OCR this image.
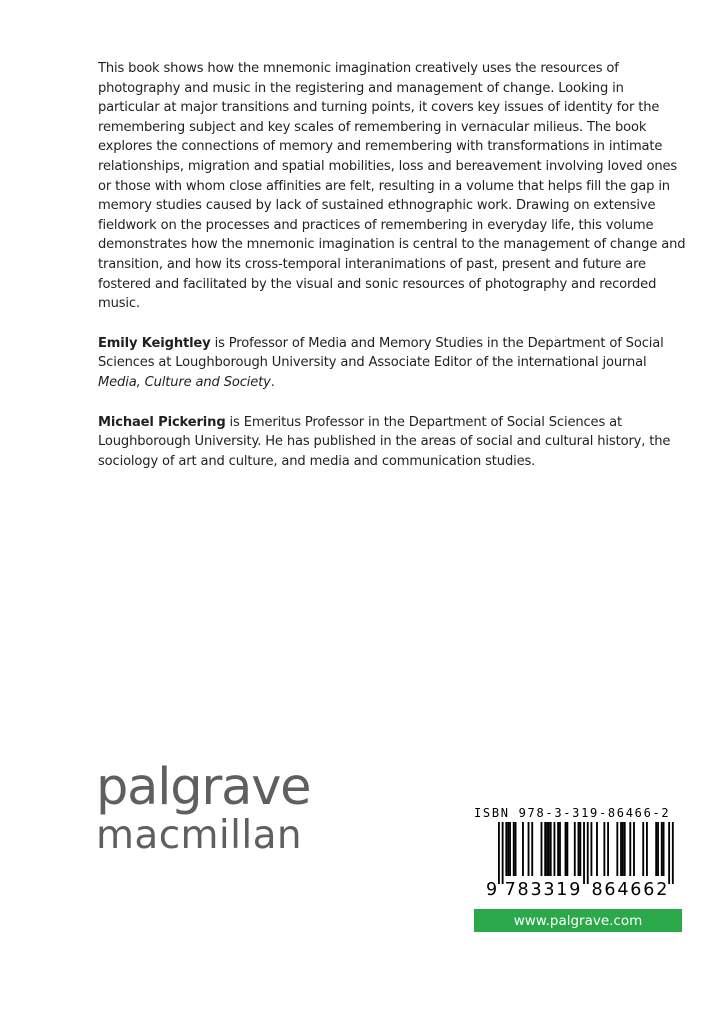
This book shows how the mnemonic imagination creatively uses the resources of photography and music in the registering and management of change. Looking in particular at major transitions and turning points, it covers key issues of identity for the remembering subject and key scales of remembering in vernacular milieus. The book explores the connections of memory and remembering with transformations in intimate relationships, migration and spatial mobilities, loss and bereavement involving loved ones or those with whom close affinities are felt, resulting in a volume that helps fill the gap in memory studies caused by lack of sustained ethnographic work. Drawing on extensive fieldwork on the processes and practices of remembering in everyday life, this volume demonstrates how the mnemonic imagination is central to the management of change and transition, and how its cross-temporal interanimations of past, present and future are fostered and facilitated by the visual and sonic resources of photography and recorded music.

Emily Keightley is Professor of Media and Memory Studies in the Department of Social Sciences at Loughborough University and Associate Editor of the international journal Media, Culture and Society.

Michael Pickering is Emeritus Professor in the Department of Social Sciences at Loughborough University. He has published in the areas of social and cultural history, the sociology of art and culture, and media and communication studies.

palgrave
macmillan	ISBN 978-3-319-86466-2
9 7 8 3 3 1 9 8 6 4 6 6 2
www.palgrave.com
